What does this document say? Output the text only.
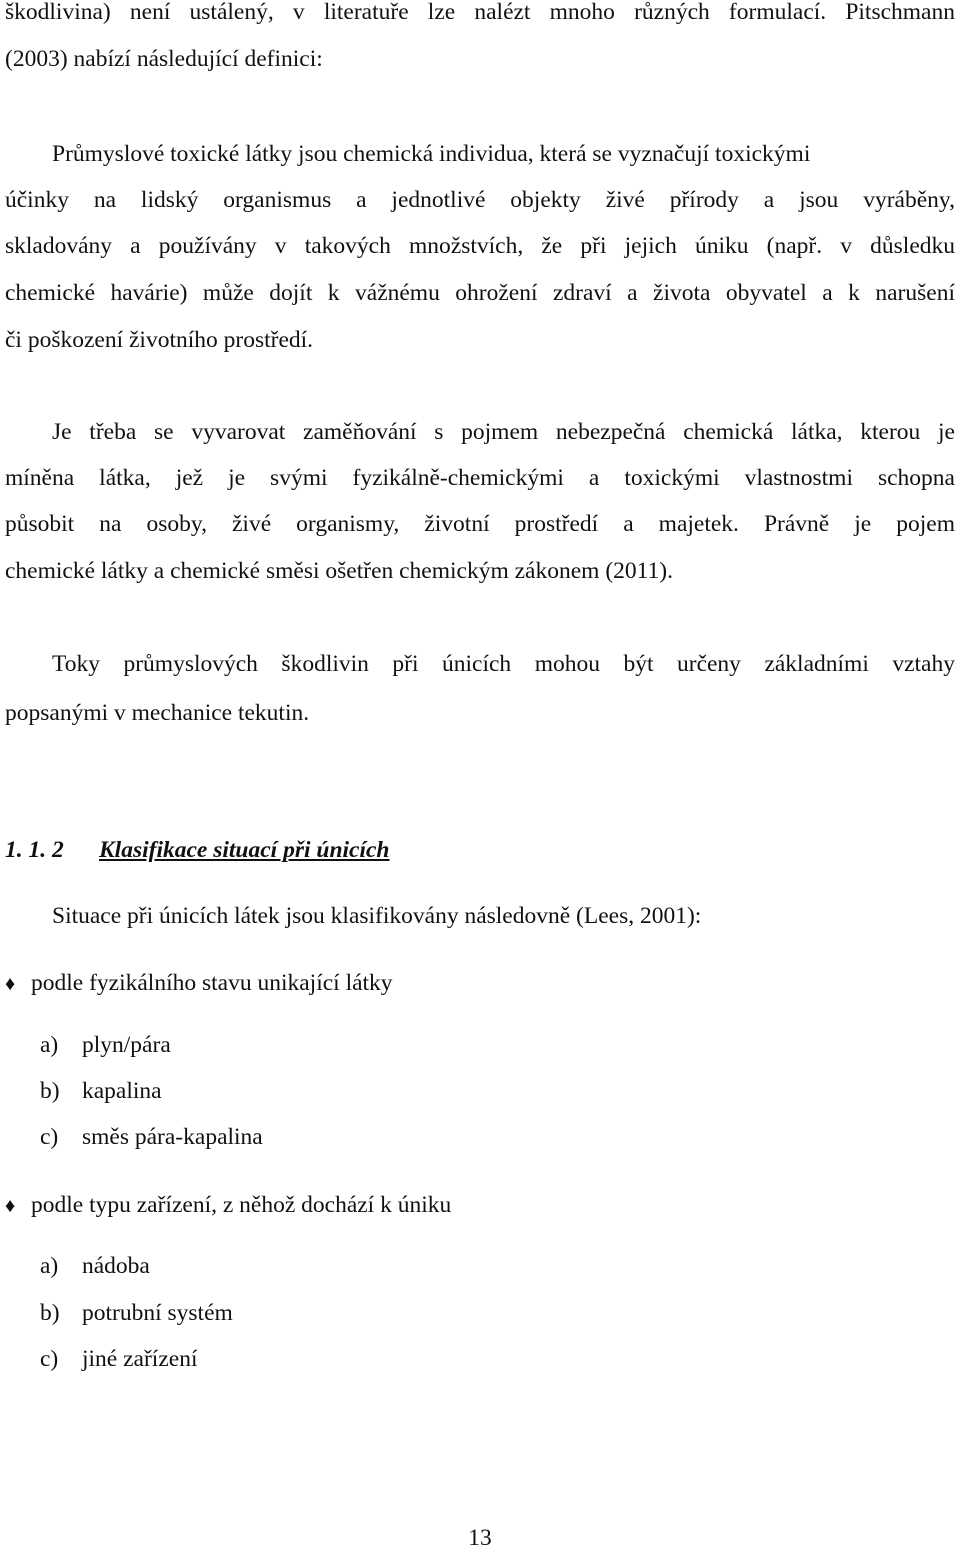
škodlivina) není ustálený, v literatuře lze nalézt mnoho různých formulací. Pitschmann
(2003) nabízí následující definici:
Průmyslové toxické látky jsou chemická individua, která se vyznačují toxickými
účinky na lidský organismus a jednotlivé objekty živé přírody a jsou vyráběny,
skladovány a používány v takových množstvích, že při jejich úniku (např. v důsledku
chemické havárie) může dojít k vážnému ohrožení zdraví a života obyvatel a k narušení
či poškození životního prostředí.
Je třeba se vyvarovat zaměňování s pojmem nebezpečná chemická látka, kterou je
míněna látka, jež je svými fyzikálně-chemickými a toxickými vlastnostmi schopna
působit na osoby, živé organismy, životní prostředí a majetek. Právně je pojem
chemické látky a chemické směsi ošetřen chemickým zákonem (2011).
Toky průmyslových škodlivin při únicích mohou být určeny základními vztahy
popsanými v mechanice tekutin.
1. 1. 2 Klasifikace situací při únicích
Situace při únicích látek jsou klasifikovány následovně (Lees, 2001):
♦ podle fyzikálního stavu unikající látky
a) plyn/pára
b) kapalina
c) směs pára-kapalina
♦ podle typu zařízení, z něhož dochází k úniku
a) nádoba
b) potrubní systém
c) jiné zařízení
13
